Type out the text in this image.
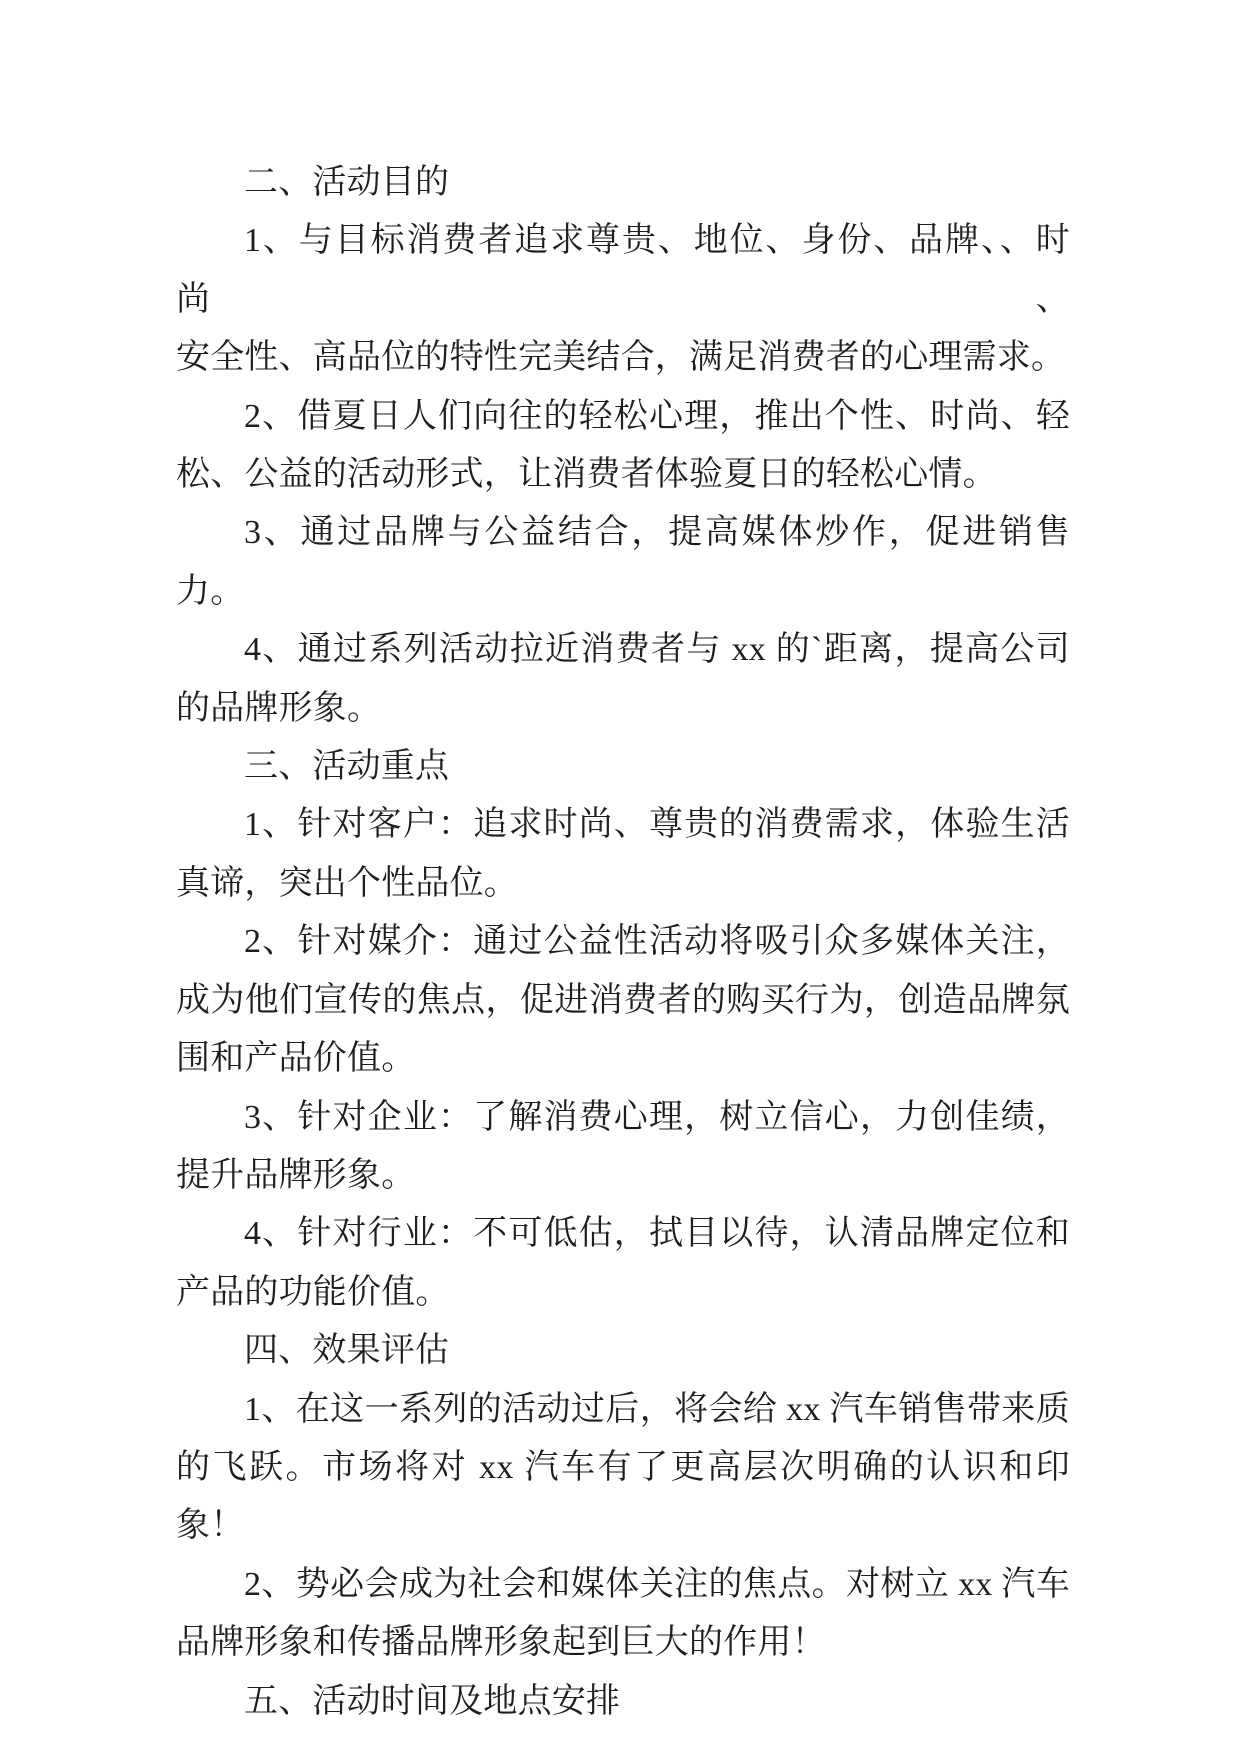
二、活动目的
1、与目标消费者追求尊贵、地位、身份、品牌、、时尚、
安全性、高品位的特性完美结合，满足消费者的心理需求。
2、借夏日人们向往的轻松心理，推出个性、时尚、轻
松、公益的活动形式，让消费者体验夏日的轻松心情。
3、通过品牌与公益结合，提高媒体炒作，促进销售力。
4、通过系列活动拉近消费者与 xx 的`距离，提高公司
的品牌形象。
三、活动重点
1、针对客户：追求时尚、尊贵的消费需求，体验生活
真谛，突出个性品位。
2、针对媒介：通过公益性活动将吸引众多媒体关注，
成为他们宣传的焦点，促进消费者的购买行为，创造品牌氛
围和产品价值。
3、针对企业：了解消费心理，树立信心，力创佳绩，
提升品牌形象。
4、针对行业：不可低估，拭目以待，认清品牌定位和
产品的功能价值。
四、效果评估
1、在这一系列的活动过后，将会给 xx 汽车销售带来质
的飞跃。市场将对 xx 汽车有了更高层次明确的认识和印象！
2、势必会成为社会和媒体关注的焦点。对树立 xx 汽车
品牌形象和传播品牌形象起到巨大的作用！
五、活动时间及地点安排
